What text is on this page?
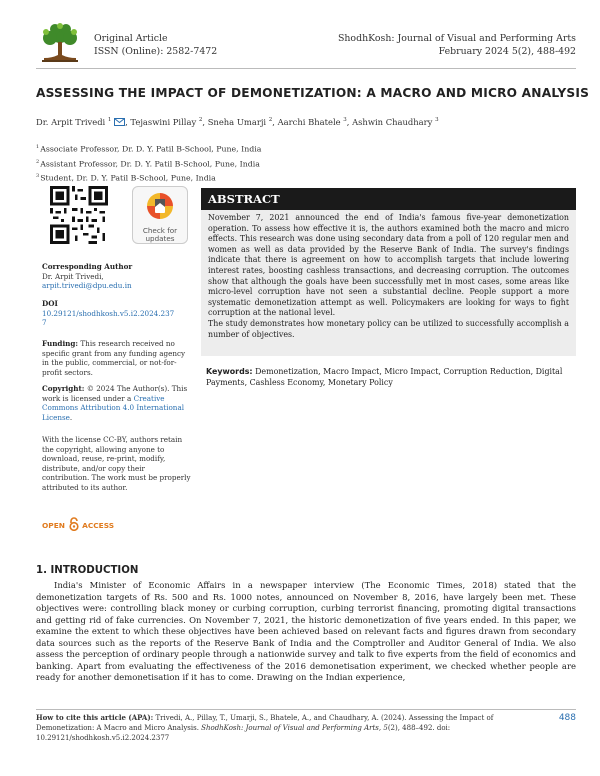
Original Article
ISSN (Online): 2582-7472
ShodhKosh: Journal of Visual and Performing Arts
February 2024 5(2), 488-492
ASSESSING THE IMPACT OF DEMONETIZATION: A MACRO AND MICRO ANALYSIS
Dr. Arpit Trivedi $^1$ , Tejaswini Pillay $^2$, Sneha Umarji $^2$, Aarchi Bhatele $^3$, Ashwin Chaudhary $^3$
$^1$Associate Professor, Dr. D. Y. Patil B-School, Pune, India
$^2$Assistant Professor, Dr. D. Y. Patil B-School, Pune, India
$^3$Student, Dr. D. Y. Patil B-School, Pune, India
Check for
updates
Corresponding Author
Dr. Arpit Trivedi,
arpit.trivedi@dpu.edu.in
DOI
10.29121/shodhkosh.v5.i2.2024.237
7
Funding: This research received no specific grant from any funding agency in the public, commercial, or not-for-profit sectors.
Copyright: © 2024 The Author(s). This work is licensed under a Creative Commons Attribution 4.0 International License.
With the license CC-BY, authors retain the copyright, allowing anyone to download, reuse, re-print, modify, distribute, and/or copy their contribution. The work must be properly attributed to its author.
OPEN ACCESS
ABSTRACT

November 7, 2021 announced the end of India's famous five-year demonetization operation. To assess how effective it is, the authors examined both the macro and micro effects. This research was done using secondary data from a poll of 120 regular men and women as well as data provided by the Reserve Bank of India. The survey's findings indicate that there is agreement on how to accomplish targets that include lowering interest rates, boosting cashless transactions, and decreasing corruption. The outcomes show that although the goals have been successfully met in most cases, some areas like micro-level corruption have not seen a substantial decline. People support a more systematic demonetization attempt as well. Policymakers are looking for ways to fight corruption at the national level.

The study demonstrates how monetary policy can be utilized to successfully accomplish a number of objectives.

Keywords: Demonetization, Macro Impact, Micro Impact, Corruption Reduction, Digital Payments, Cashless Economy, Monetary Policy
1. INTRODUCTION
India's Minister of Economic Affairs in a newspaper interview (The Economic Times, 2018) stated that the demonetization targets of Rs. 500 and Rs. 1000 notes, announced on November 8, 2016, have largely been met. These objectives were: controlling black money or curbing corruption, curbing terrorist financing, promoting digital transactions and getting rid of fake currencies. On November 7, 2021, the historic demonetization of five years ended. In this paper, we examine the extent to which these objectives have been achieved based on relevant facts and figures drawn from secondary data sources such as the reports of the Reserve Bank of India and the Comptroller and Auditor General of India. We also assess the perception of ordinary people through a nationwide survey and talk to five experts from the field of economics and banking. Apart from evaluating the effectiveness of the 2016 demonetisation experiment, we checked whether people are ready for another demonetisation if it has to come. Drawing on the Indian experience,
How to cite this article (APA): Trivedi, A., Pillay, T., Umarji, S., Bhatele, A., and Chaudhary, A. (2024). Assessing the Impact of Demonetization: A Macro and Micro Analysis. ShodhKosh: Journal of Visual and Performing Arts, 5(2), 488–492. doi: 10.29121/shodhkosh.v5.i2.2024.2377
488
